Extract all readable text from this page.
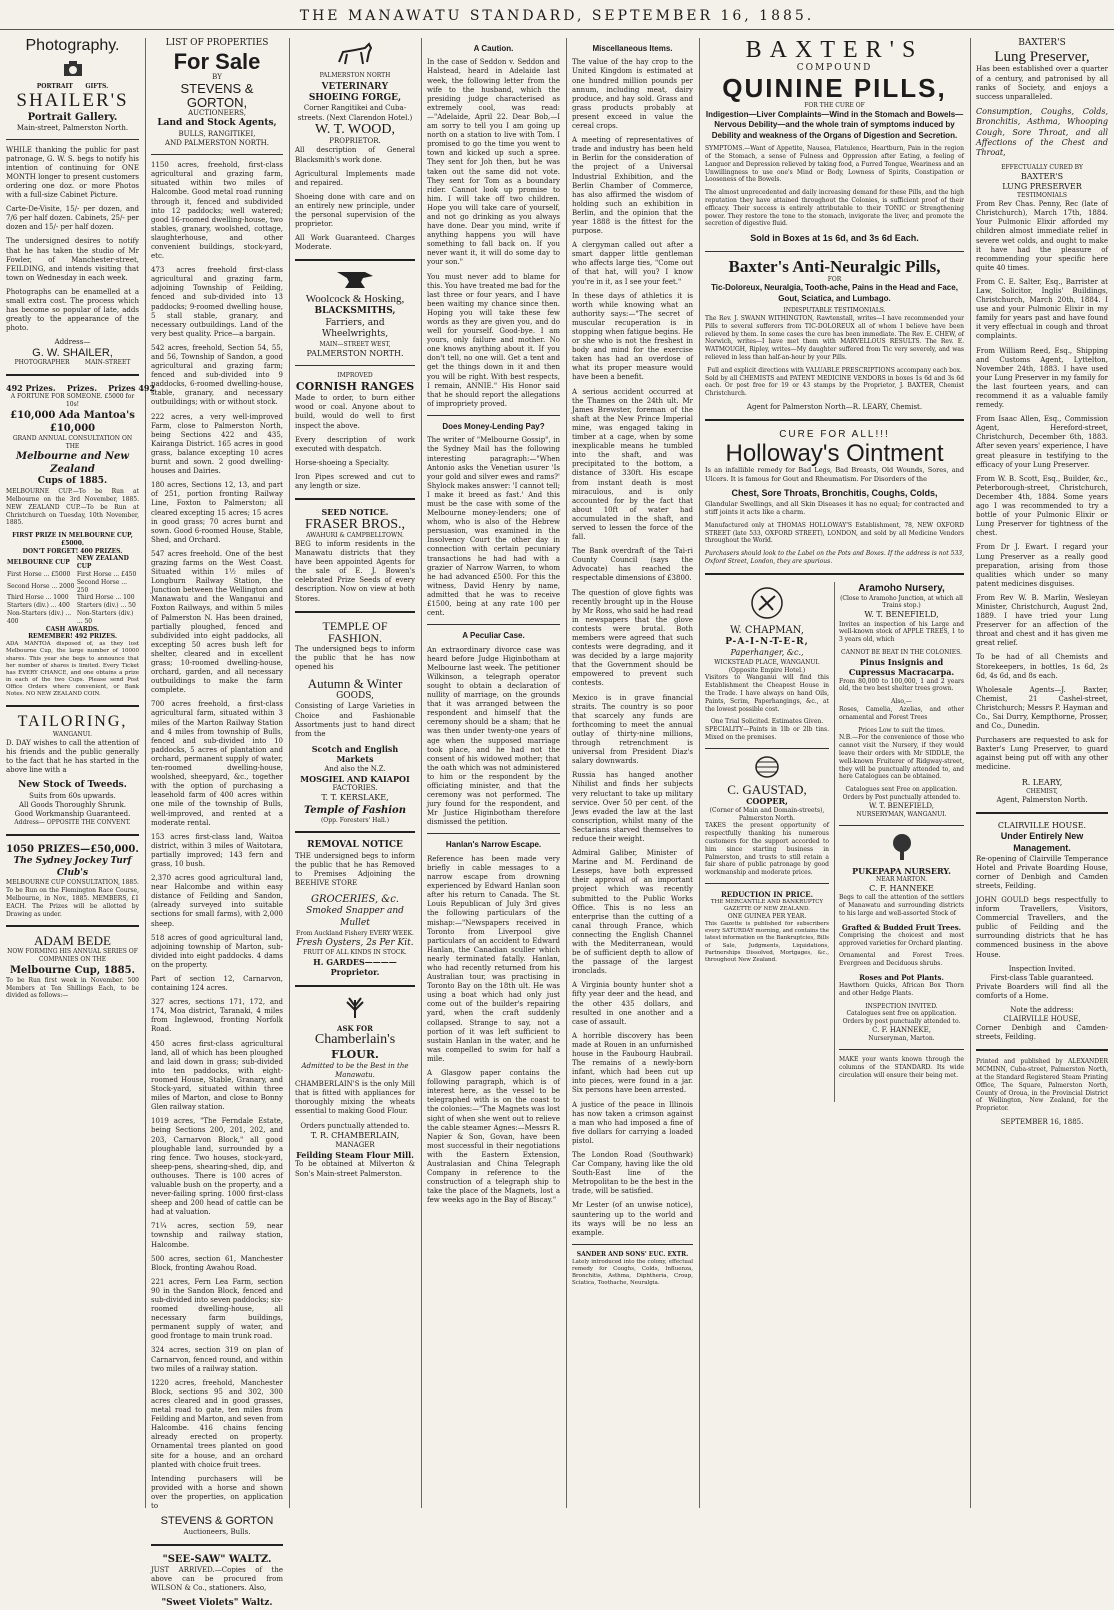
THE MANAWATU STANDARD, SEPTEMBER 16, 1885.
Photography.
PORTRAIT      GIFTS.
SHAILER'S
Portrait Gallery.
Main-street, Palmerston North.

WHILE thanking the public for past patronage, G. W. S. begs to notify his intention of continuing for ONE MONTH longer to present customers ordering one doz. or more Photos with a full-size Cabinet Picture.

Carte-De-Visite, 15/- per dozen, and 7/6 per half dozen. Cabinets, 25/- per dozen and 15/- per half dozen.

The undersigned desires to notify that he has taken the studio of Mr Fowler, of Manchester-street, FEILDING, and intends visiting that town on Wednesday in each week.

Photographs can be enamelled at a small extra cost. The process which has become so popular of late, adds greatly to the appearance of the photo.

Address—
G. W. SHAILER,
PHOTOGRAPHER        MAIN-STREET
492 Prizes.    Prizes.    Prizes 492
A FORTUNE FOR SOMEONE. £5000 for 10s!
£10,000 Ada Mantoa's £10,000
GRAND ANNUAL CONSULTATION ON THE
Melbourne and New Zealand
Cups of 1885.

MELBOURNE CUP.—To be Run at Melbourne on the 3rd November, 1885. NEW ZEALAND CUP.—To be Run at Christchurch on Tuesday, 10th November, 1885.

FIRST PRIZE IN MELBOURNE CUP, £5000.
DON'T FORGET! 400 PRIZES.
MELBOURNE CUP	NEW ZEALAND CUP
First Horse ... £5000	First Horse ... £450
Second Horse ... 2000	Second Horse ... 250
Third Horse ... 1000	Third Horse ... 100
Starters (div.) ... 400	Starters (div.) ... 50
Non-Starters (div.) ... 400	Non-Starters (div.) ... 50
CASH AWARDS.
REMEMBER! 492 PRIZES.

ADA MANTOA disposed of, as they lost Melbourne Cup, the large number of 10000 shares. This year she begs to announce that her number of shares is limited. Every Ticket has EVERY CHANCE, and one obtains a prize in each of the two Cups. Please send Post Office Orders where convenient, or Bank Notes. NO NEW ZEALAND COIN.

TAILORING,
WANGANUI.

D. DAY wishes to call the attention of his friends and the public generally to the fact that he has started in the above line with a

New Stock of Tweeds.
Suits from 60s upwards.
All Goods Thoroughly Shrunk.
Good Workmanship Guaranteed.
Address— OPPOSITE THE CONVENT.
1050 PRIZES—£50,000.
The Sydney Jockey Turf Club's
MELBOURNE CUP CONSULTATION, 1885.

To be Run on the Flemington Race Course, Melbourne, in Nov., 1885. MEMBERS, £1 EACH. The Prizes will be allotted by Drawing as under.

ADAM BEDE
NOW FORMING HIS ANNUAL SERIES OF COMPANIES ON THE
Melbourne Cup, 1885.

To be Run first week in November. 500 Members at Ten Shillings Each, to be divided as follows:—

LIST OF PROPERTIES
For Sale
BY
STEVENS & GORTON,
AUCTIONEERS,
Land and Stock Agents,
BULLS, RANGITIKEI,
AND PALMERSTON NORTH.

1150 acres, freehold, first-class agricultural and grazing farm, situated within two miles of Halcombe. Good metal road running through it, fenced and subdivided into 12 paddocks; well watered; good 16-roomed dwelling-house, two stables, granary, woolshed, cottage, slaughterhouse, and other convenient buildings, stock-yard, etc.

473 acres freehold first-class agricultural and grazing farm, adjoining Township of Feilding, fenced and sub-divided into 13 paddocks; 9-roomed dwelling house, 5 stall stable, granary, and necessary outbuildings. Land of the very best quality. Price—a bargain.

542 acres, freehold, Section 54, 55, and 56, Township of Sandon, a good agricultural and grazing farm; fenced and sub-divided into 9 paddocks, 6-roomed dwelling-house, stable, granary, and necessary outbuildings; with or without stock.

222 acres, a very well-improved Farm, close to Palmerston North, being Sections 422 and 435, Kairanga District. 165 acres in good grass, balance excepting 10 acres burnt and sown. 2 good dwelling-houses and Dairies.

180 acres, Sections 12, 13, and part of 251, portion fronting Railway Line, Foxton to Palmerston; all cleared excepting 15 acres; 15 acres in good grass; 70 acres burnt and sown. Good 6-roomed House, Stable, Shed, and Orchard.

547 acres freehold. One of the best grazing farms on the West Coast. Situated within 1½ miles of Longburn Railway Station, the Junction between the Wellington and Manawatu and the Wanganui and Foxton Railways, and within 5 miles of Palmerston N. Has been drained, partially ploughed, fenced and subdivided into eight paddocks, all excepting 50 acres bush left for shelter, cleared and in excellent grass; 10-roomed dwelling-house, orchard, garden, and all necessary outbuildings to make the farm complete.

700 acres freehold, a first-class agricultural farm, situated within 3 miles of the Marton Railway Station and 4 miles from township of Bulls, fenced and sub-divided into 10 paddocks, 5 acres of plantation and orchard, permanent supply of water, ten-roomed dwelling-house, woolshed, sheepyard, &c., together with the option of purchasing a leasehold farm of 400 acres within one mile of the township of Bulls, well-improved, and rented at a moderate rental.

153 acres first-class land, Waitoa district, within 3 miles of Waitotara, partially improved; 143 fern and grass, 10 bush.

2,370 acres good agricultural land, near Halcombe and within easy distance of Feilding and Sandon, (already surveyed into suitable sections for small farms), with 2,000 sheep.

518 acres of good agricultural land, adjoining township of Marton, sub-divided into eight paddocks. 4 dams on the property.

Part of section 12, Carnarvon, containing 124 acres.

327 acres, sections 171, 172, and 174, Moa district, Taranaki, 4 miles from Inglewood, fronting Norfolk Road.

450 acres first-class agricultural land, all of which has been ploughed and laid down in grass; sub-divided into ten paddocks, with eight-roomed House, Stable, Granary, and Stock-yard, situated within three miles of Marton, and close to Bonny Glen railway station.

1019 acres, "The Ferndale Estate, being Sections 200, 201, 202, and 203, Carnarvon Block," all good ploughable land, surrounded by a ring fence. Two houses, stock-yard, sheep-pens, shearing-shed, dip, and outhouses. There is 100 acres of valuable bush on the property, and a never-failing spring. 1000 first-class sheep and 200 head of cattle can be had at valuation.

71¼ acres, section 59, near township and railway station, Halcombe.

500 acres, section 61, Manchester Block, fronting Awahou Road.

221 acres, Fern Lea Farm, section 90 in the Sandon Block, fenced and sub-divided into seven paddocks; six-roomed dwelling-house, all necessary farm buildings, permanent supply of water, and good frontage to main trunk road.

324 acres, section 319 on plan of Carnarvon, fenced round, and within two miles of a railway station.

1220 acres, freehold, Manchester Block, sections 95 and 302, 300 acres cleared and in good grasses, metal road to gate, ten miles from Feilding and Marton, and seven from Halcombe. 416 chains fencing already erected on property. Ornamental trees planted on good site for a house, and an orchard planted with choice fruit trees.

Intending purchasers will be provided with a horse and shown over the properties, on application to

STEVENS & GORTON
Auctioneers, Bulls.
"SEE-SAW" WALTZ.

JUST ARRIVED.—Copies of the above can be procured from WILSON & Co., stationers. Also,

"Sweet Violets" Waltz.
PALMERSTON NORTH
VETERINARY
SHOEING FORGE,
Corner Rangitikei and Cuba-streets. (Next Clarendon Hotel.)
W. T. WOOD,
PROPRIETOR.

All description of General Blacksmith's work done.

Agricultural Implements made and repaired.

Shoeing done with care and on an entirely new principle, under the personal supervision of the proprietor.

All Work Guaranteed. Charges Moderate.

Woolcock & Hosking,
BLACKSMITHS,
Farriers, and Wheelwrights,
MAIN—STREET WEST,
PALMERSTON NORTH.
IMPROVED
CORNISH RANGES

Made to order, to burn either wood or coal. Anyone about to build, would do well to first inspect the above.

Every description of work executed with despatch.

Horse-shoeing a Specialty.

Iron Pipes screwed and cut to any length or size.

SEED NOTICE.
FRASER BROS.,
AWAHURI & CAMPBELLTOWN.

BEG to inform residents in the Manawatu districts that they have been appointed Agents for the sale of E. J. Bowen's celebrated Prize Seeds of every description. Now on view at both Stores.

TEMPLE OF FASHION.

The undersigned begs to inform the public that he has now opened his

Autumn & Winter
GOODS,

Consisting of Large Varieties in Choice and Fashionable Assortments just to hand direct from the

Scotch and English Markets
And also the N.Z.
MOSGIEL AND KAIAPOI
FACTORIES.
T. T. KERSLAKE,
Temple of Fashion
(Opp. Foresters' Hall.)
REMOVAL NOTICE

THE undersigned begs to inform the public that he has Removed to Premises Adjoining the BEEHIVE STORE

GROCERIES, &c.
Smoked Snapper and Mullet
From Auckland Fishery EVERY WEEK.
Fresh Oysters, 2s Per Kit.
FRUIT OF ALL KINDS IN STOCK.
H. GARDES————Proprietor.
ASK FOR
Chamberlain's
FLOUR.
Admitted to be the Best in the Manawatu.

CHAMBERLAIN'S is the only Mill that is fitted with appliances for thoroughly mixing the wheats essential to making Good Flour.

Orders punctually attended to.
T. R. CHAMBERLAIN,
MANAGER
Feilding Steam Flour Mill.

To be obtained at Milverton & Son's Main-street Palmerston.

A Caution.

In the case of Seddon v. Seddon and Halstead, heard in Adelaide last week, the following letter from the wife to the husband, which the presiding judge characterised as extremely cool, was read:—"Adelaide, April 22. Dear Bob,—I am sorry to tell you I am going up north on a station to live with Tom. I promised to go the time you went to town and kicked up such a spree. They sent for Joh then, but he was taken out the same did not vote. They sent for Tom as a boundary rider. Cannot look up promise to him. I will take off two children. Hope you will take care of yourself, and not go drinking as you always have done. Dear you mind, write if anything happens you will have something to fall back on. If you never want it, it will do some day to your son."

You must never add to blame for this. You have treated me bad for the last three or four years, and I have been waiting my chance since then. Hoping you will take these few words as they are given you, and do well for yourself. Good-bye. I am yours, only failure and mother. No one knows anything about it. If you don't tell, no one will. Get a tent and get the things down in it and then you will be right. With best respects, I remain, ANNIE." His Honor said that he should report the allegations of impropriety proved.

Does Money-Lending Pay?

The writer of "Melbourne Gossip", in the Sydney Mail has the following interesting paragraph:—"When Antonio asks the Venetian usurer 'Is your gold and silver ewes and rams?' Shylock makes answer: 'I cannot tell; I make it breed as fast.' And this must be the case with some of the Melbourne money-lenders; one of whom, who is also of the Hebrew persuasion, was examined in the Insolvency Court the other day in connection with certain pecuniary transactions he had had with a grazier of Narrow Warren, to whom he had advanced £500. For this the witness, David Henry by name, admitted that he was to receive £1500, being at any rate 100 per cent.

A Peculiar Case.

An extraordinary divorce case was heard before Judge Higinbotham at Melbourne last week. The petitioner Wilkinson, a telegraph operator sought to obtain a declaration of nullity of marriage, on the grounds that it was arranged between the respondent and himself that the ceremony should be a sham; that he was then under twenty-one years of age when the supposed marriage took place, and he had not the consent of his widowed mother; that the oath which was not administered to him or the respondent by the officiating minister, and that the ceremony was not performed. The jury found for the respondent, and Mr Justice Higinbotham therefore dismissed the petition.

Hanlan's Narrow Escape.

Reference has been made very briefly in cable messages to a narrow escape from drowning experienced by Edward Hanlan soon after his return to Canada. The St. Louis Republican of July 3rd gives the following particulars of the mishap:—"Newspapers received in Toronto from Liverpool give particulars of an accident to Edward Hanlan, the Canadian sculler which nearly terminated fatally. Hanlan, who had recently returned from his Australian tour, was practising in Toronto Bay on the 18th ult. He was using a boat which had only just come out of the builder's repairing yard, when the craft suddenly collapsed. Strange to say, not a portion of it was left sufficient to sustain Hanlan in the water, and he was compelled to swim for half a mile.

A Glasgow paper contains the following paragraph, which is of interest here, as the vessel to be telegraphed with is on the coast to the colonies:—"The Magnets was lost sight of when she went out to relieve the cable steamer Agnes:—Messrs R. Napier & Son, Govan, have been most successful in their negotiations with the Eastern Extension, Australasian and China Telegraph Company in reference to the construction of a telegraph ship to take the place of the Magnets, lost a few weeks ago in the Bay of Biscay."

Miscellaneous Items.

The value of the hay crop to the United Kingdom is estimated at one hundred million pounds per annum, including meat, dairy produce, and hay sold. Grass and grass products probably at present exceed in value the cereal crops.

A meeting of representatives of trade and industry has been held in Berlin for the consideration of the project of a Universal Industrial Exhibition, and the Berlin Chamber of Commerce, has also affirmed the wisdom of holding such an exhibition in Berlin, and the opinion that the year 1888 is the fittest for the purpose.

A clergyman called out after a smart dapper little gentleman who affects large ties, "Come out of that hat, will you? I know you're in it, as I see your feet."

In these days of athletics it is worth while knowing what an authority says:—"The secret of muscular recuperation is in stopping when fatigue begins. He or she who is not the freshest in body and mind for the exercise taken has had an overdose of what its proper measure would have been a benefit.

A serious accident occurred at the Thames on the 24th ult. Mr James Brewster, foreman of the shaft at the New Prince Imperial mine, was engaged taking in timber at a cage, when by some inexplicable means he tumbled into the shaft, and was precipitated to the bottom, a distance of 330ft. His escape from instant death is most miraculous, and is only accounted for by the fact that about 10ft of water had accumulated in the shaft, and served to lessen the force of the fall.

The Bank overdraft of the Tai-ri County Council (says the Advocate) has reached the respectable dimensions of £3800.

The question of glove fights was recently brought up in the House by Mr Ross, who said he had read in newspapers that the glove contests were brutal. Both members were agreed that such contests were degrading, and it was decided by a large majority that the Government should be empowered to prevent such contests.

Mexico is in grave financial straits. The country is so poor that scarcely any funds are forthcoming to meet the annual outlay of thirty-nine millions, through retrenchment is universal from President Diaz's salary downwards.

Russia has hanged another Nihilist and finds her subjects very reluctant to take up military service. Over 50 per cent. of the Jews evaded the law at the last conscription, whilst many of the Sectarians starved themselves to reduce their weight.

Admiral Galiber, Minister of Marine and M. Ferdinand de Lesseps, have both expressed their approval of an important project which was recently submitted to the Public Works Office. This is no less an enterprise than the cutting of a canal through France, which connecting the English Channel with the Mediterranean, would be of sufficient depth to allow of the passage of the largest ironclads.

A Virginia bounty hunter shot a fifty year deer and the head, and the other 435 dollars, and resulted in one another and a case of assault.

A horrible discovery has been made at Rouen in an unfurnished house in the Faubourg Haubrail. The remains of a newly-born infant, which had been cut up into pieces, were found in a jar. Six persons have been arrested.

A justice of the peace in Illinois has now taken a crimson against a man who had imposed a fine of five dollars for carrying a loaded pistol.

The London Road (Southwark) Car Company, having like the old South-East line of the Metropolitan to be the best in the trade, will be satisfied.

Mr Lester (of an unwise notice), sauntering up to the world and its ways will be no less an example.

SANDER AND SONS' EUC. EXTR.

Lately introduced into the colony, effectual remedy for Coughs, Colds, Influenza, Bronchitis, Asthma, Diphtheria, Croup, Sciatica, Toothache, Neuralgia.

BAXTER'S
COMPOUND
QUININE PILLS,
FOR THE CURE OF
Indigestion—Liver Complaints—Wind in the Stomach and Bowels—Nervous Debility—and the whole train of symptoms induced by Debility and weakness of the Organs of Digestion and Secretion.

SYMPTOMS.—Want of Appetite, Nausea, Flatulence, Heartburn, Pain in the region of the Stomach, a sense of Fulness and Oppression after Eating, a feeling of Languor and Depression relieved by taking food, a Furred Tongue, Weariness and an Unwillingness to use one's Mind or Body, Lowness of Spirits, Constipation or Looseness of the Bowels.

The almost unprecedented and daily increasing demand for these Pills, and the high reputation they have attained throughout the Colonies, is sufficient proof of their efficacy. Their success is entirely attributable to their TONIC or Strengthening power. They restore the tone to the stomach, invigorate the liver, and promote the secretion of digestive fluid.

Sold in Boxes at 1s 6d, and 3s 6d Each.
Baxter's Anti-Neuralgic Pills,
FOR
Tic-Doloreux, Neuralgia, Tooth-ache, Pains in the Head and Face, Gout, Sciatica, and Lumbago.
INDISPUTABLE TESTIMONIALS.

The Rev. J. SWANN WITHINGTON, Rawtenstall, writes—I have recommended your Pills to several sufferers from TIC-DOLOREUX all of whom I believe have been relieved by them. In some cases the cure has been immediate. The Rev. E. CHEW, of Norwich, writes—I have met them with MARVELLOUS RESULTS. The Rev. E. WATMOUGH, Ripley, writes—My daughter suffered from Tic very severely, and was relieved in less than half-an-hour by your Pills.

Full and explicit directions with VALUABLE PRESCRIPTIONS accompany each box.

Sold by all CHEMISTS and PATENT MEDICINE VENDORS in boxes 1s 6d and 3s 6d each. Or post free for 19 or 43 stamps by the Proprietor, J. BAXTER, Chemist Christchurch.

Agent for Palmerston North—R. LEARY, Chemist.
CURE FOR ALL!!!
Holloway's Ointment

Is an infallible remedy for Bad Legs, Bad Breasts, Old Wounds, Sores, and Ulcers. It is famous for Gout and Rheumatism. For Disorders of the

Chest, Sore Throats, Bronchitis, Coughs, Colds,

Glandular Swellings, and all Skin Diseases it has no equal; for contracted and stiff joints it acts like a charm.

Manufactured only at THOMAS HOLLOWAY'S Establishment, 78, NEW OXFORD STREET (late 533, OXFORD STREET), LONDON, and sold by all Medicine Vendors throughout the World.

Purchasers should look to the Label on the Pots and Boxes. If the address is not 533, Oxford Street, London, they are spurious.

W. CHAPMAN,
P-A-I-N-T-E-R,
Paperhanger, &c.,
WICKSTEAD PLACE, WANGANUI.
(Opposite Empire Hotel.)

Visitors to Wanganui will find this Establishment the Cheapest House in the Trade. I have always on hand Oils, Paints, Scrim, Paperhangings, &c., at the lowest possible cost.

One Trial Solicited. Estimates Given.

SPECIALITY—Paints in 1lb or 2lb tins. Mixed on the premises.

C. GAUSTAD,
COOPER,
(Corner of Main and Domain-streets), Palmerston North.

TAKES the present opportunity of respectfully thanking his numerous customers for the support accorded to him since starting business in Palmerston, and trusts to still retain a fair share of public patronage by good workmanship and moderate prices.

REDUCTION IN PRICE.
THE MERCANTILE AND BANKRUPTCY GAZETTE OF NEW ZEALAND.
ONE GUINEA PER YEAR.

This Gazette is published for subscribers every SATURDAY morning, and contains the latest information on the Bankruptcies, Bills of Sale, Judgments, Liquidations, Partnerships Dissolved, Mortgages, &c., throughout New Zealand.

Aramoho Nursery,
(Close to Aramoho Junction, at which all Trains stop.)
W. T. BENEFIELD,

Invites an inspection of his Large and well-known stock of APPLE TREES, 1 to 3 years old, which

CANNOT BE BEAT IN THE COLONIES.
Pinus Insignis and Cupressus Macracarpa.

From 80,000 to 100,000, 1 and 2 years old, the two best shelter trees grown.

Also,—

Roses, Camelia, Azelias, and other ornamental and Forest Trees

Prices Low to suit the times.

N.B.—For the convenience of those who cannot visit the Nursery, if they would leave their orders with Mr SIDDLE, the well-known Fruiterer of Ridgway-street, they will be punctually attended to, and here Catalogues can be obtained.

Catalogues sent Free on application.
Orders by Post punctually attended to.
W. T. BENEFIELD,
NURSERYMAN, WANGANUI.
PUKEPAPA NURSERY.
NEAR MARTON.
C. F. HANNEKE

Begs to call the attention of the settlers of Manawatu and surrounding districts to his large and well-assorted Stock of

Grafted & Budded Fruit Trees.

Comprising the choicest and most approved varieties for Orchard planting.

Ornamental and Forest Trees. Evergreen and Deciduous shrubs.

Roses and Pot Plants.

Hawthorn Quicks, African Box Thorn and other Hedge Plants.

INSPECTION INVITED.
Catalogues sent free on application.
Orders by post punctually attended to.
C. F. HANNEKE,
Nurseryman, Marton.

MAKE your wants known through the columns of the STANDARD. Its wide circulation will ensure their being met.

BAXTER'S
Lung Preserver,

Has been established over a quarter of a century, and patronised by all ranks of Society, and enjoys a success unparalleled.

Consumption, Coughs, Colds, Bronchitis, Asthma, Whooping Cough, Sore Throat, and all Affections of the Chest and Throat,

EFFECTUALLY CURED BY
BAXTER'S
LUNG PRESERVER
TESTIMONIALS

From Rev Chas. Penny, Rec (late of Christchurch), March 17th, 1884. Your Pulmonic Elixir afforded my children almost immediate relief in severe wet colds, and ought to make it have had the pleasure of recommending your specific here quite 40 times.

From C. E. Salter, Esq., Barrister at Law, Solicitor, Inglis' Buildings, Christchurch, March 20th, 1884. I use and your Pulmonic Elixir in my family for years past and have found it very effectual in cough and throat complaints.

From William Reed, Esq., Shipping and Customs Agent, Lyttelton, November 24th, 1883. I have used your Lung Preserver in my family for the last fourteen years, and can recommend it as a valuable family remedy.

From Isaac Allen, Esq., Commission Agent, Hereford-street, Christchurch, December 6th, 1883. After seven years' experience, I have great pleasure in testifying to the efficacy of your Lung Preserver.

From W. B. Scott, Esq., Builder, &c., Peterborough-street, Christchurch, December 4th, 1884. Some years ago I was recommended to try a bottle of your Pulmonic Elixir or Lung Preserver for tightness of the chest.

From Dr J. Ewart. I regard your Lung Preserver as a really good preparation, arising from those qualities which under so many patent medicines disguises.

From Rev W. B. Marlin, Wesleyan Minister, Christchurch, August 2nd, 1889. I have tried your Lung Preserver for an affection of the throat and chest and it has given me great relief.

To be had of all Chemists and Storekeepers, in bottles, 1s 6d, 2s 6d, 4s 6d, and 8s each.

Wholesale Agents—J. Baxter, Chemist, 21 Cashel-street, Christchurch; Messrs P. Hayman and Co., Sai Durry, Kempthorne, Prosser, and Co., Dunedin.

Purchasers are requested to ask for Baxter's Lung Preserver, to guard against being put off with any other medicine.

R. LEARY,
CHEMIST,
Agent, Palmerston North.
CLAIRVILLE HOUSE.
Under Entirely New Management.

Re-opening of Clairville Temperance Hotel and Private Boarding House, corner of Denbigh and Camden streets, Feilding.

JOHN GOULD begs respectfully to inform Travellers, Visitors, Commercial Travellers, and the public of Feilding and the surrounding districts that he has commenced business in the above House.

Inspection Invited.
First-class Table guaranteed.

Private Boarders will find all the comforts of a Home.

Note the address:
CLAIRVILLE HOUSE,

Corner Denbigh and Camden-streets, Feilding.

Printed and published by ALEXANDER MCMINN, Cuba-street, Palmerston North, at the Standard Registered Steam Printing Office, The Square, Palmerston North, County of Oroua, in the Provincial District of Wellington, New Zealand, for the Proprietor.

SEPTEMBER 16, 1885.
